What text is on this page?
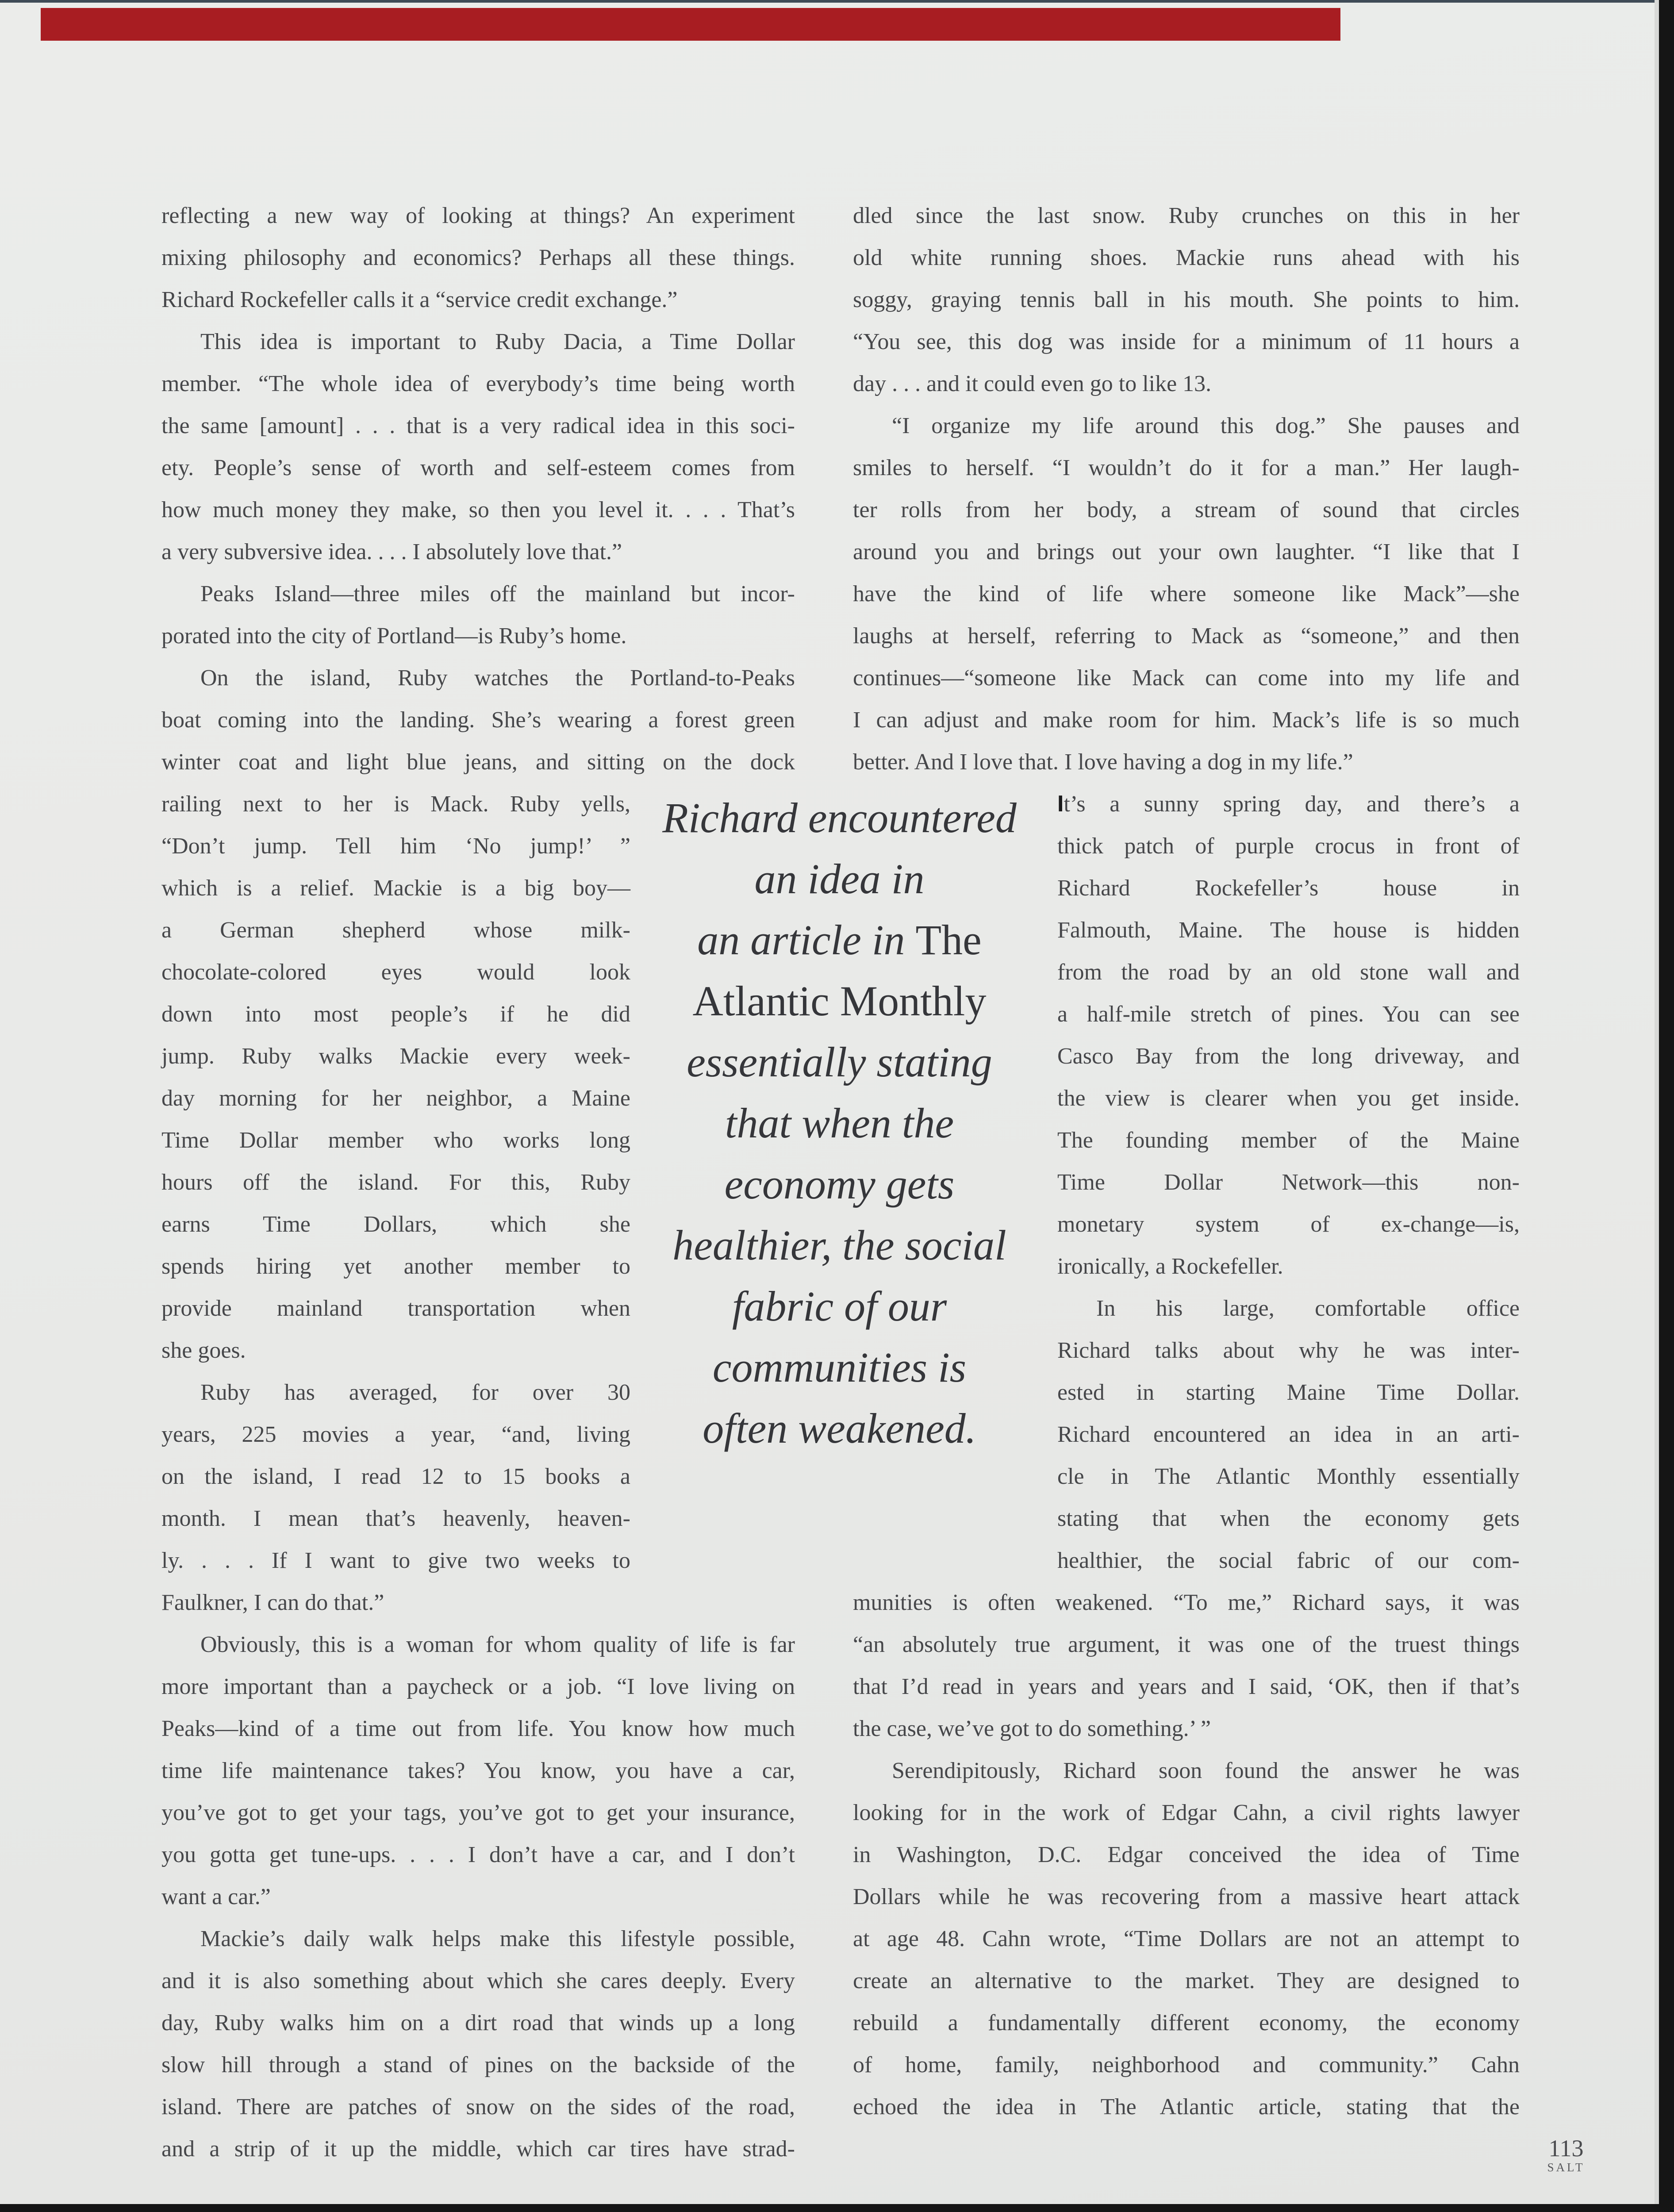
reflecting a new way of looking at things? An experiment
mixing philosophy and economics? Perhaps all these things.
Richard Rockefeller calls it a “service credit exchange.”
This idea is important to Ruby Dacia, a Time Dollar
member. “The whole idea of everybody’s time being worth
the same [amount] . . . that is a very radical idea in this soci-
ety. People’s sense of worth and self-esteem comes from
how much money they make, so then you level it. . . . That’s
a very subversive idea. . . . I absolutely love that.”
Peaks Island—three miles off the mainland but incor-
porated into the city of Portland—is Ruby’s home.
On the island, Ruby watches the Portland-to-Peaks
boat coming into the landing. She’s wearing a forest green
winter coat and light blue jeans, and sitting on the dock
railing next to her is Mack. Ruby yells,
“Don’t jump. Tell him ‘No jump!’ ”
which is a relief. Mackie is a big boy—
a German shepherd whose milk-
chocolate-colored eyes would look
down into most people’s if he did
jump. Ruby walks Mackie every week-
day morning for her neighbor, a Maine
Time Dollar member who works long
hours off the island. For this, Ruby
earns Time Dollars, which she
spends hiring yet another member to
provide mainland transportation when
she goes.
Ruby has averaged, for over 30
years, 225 movies a year, “and, living
on the island, I read 12 to 15 books a
month. I mean that’s heavenly, heaven-
ly. . . . If I want to give two weeks to
Faulkner, I can do that.”
Obviously, this is a woman for whom quality of life is far
more important than a paycheck or a job. “I love living on
Peaks—kind of a time out from life. You know how much
time life maintenance takes? You know, you have a car,
you’ve got to get your tags, you’ve got to get your insurance,
you gotta get tune-ups. . . . I don’t have a car, and I don’t
want a car.”
Mackie’s daily walk helps make this lifestyle possible,
and it is also something about which she cares deeply. Every
day, Ruby walks him on a dirt road that winds up a long
slow hill through a stand of pines on the backside of the
island. There are patches of snow on the sides of the road,
and a strip of it up the middle, which car tires have strad-
Richard encountered
an idea in
an article in The
Atlantic Monthly
essentially stating
that when the
economy gets
healthier, the social
fabric of our
communities is
often weakened.
dled since the last snow. Ruby crunches on this in her
old white running shoes. Mackie runs ahead with his
soggy, graying tennis ball in his mouth. She points to him.
“You see, this dog was inside for a minimum of 11 hours a
day . . . and it could even go to like 13.
“I organize my life around this dog.” She pauses and
smiles to herself. “I wouldn’t do it for a man.” Her laugh-
ter rolls from her body, a stream of sound that circles
around you and brings out your own laughter. “I like that I
have the kind of life where someone like Mack”—she
laughs at herself, referring to Mack as “someone,” and then
continues—“someone like Mack can come into my life and
I can adjust and make room for him. Mack’s life is so much
better. And I love that. I love having a dog in my life.”
It’s a sunny spring day, and there’s a
thick patch of purple crocus in front of
Richard Rockefeller’s house in
Falmouth, Maine. The house is hidden
from the road by an old stone wall and
a half-mile stretch of pines. You can see
Casco Bay from the long driveway, and
the view is clearer when you get inside.
The founding member of the Maine
Time Dollar Network—this non-
monetary system of ex-change—is,
ironically, a Rockefeller.
In his large, comfortable office
Richard talks about why he was inter-
ested in starting Maine Time Dollar.
Richard encountered an idea in an arti-
cle in The Atlantic Monthly essentially
stating that when the economy gets
healthier, the social fabric of our com-
munities is often weakened. “To me,” Richard says, it was
“an absolutely true argument, it was one of the truest things
that I’d read in years and years and I said, ‘OK, then if that’s
the case, we’ve got to do something.’ ”
Serendipitously, Richard soon found the answer he was
looking for in the work of Edgar Cahn, a civil rights lawyer
in Washington, D.C. Edgar conceived the idea of Time
Dollars while he was recovering from a massive heart attack
at age 48. Cahn wrote, “Time Dollars are not an attempt to
create an alternative to the market. They are designed to
rebuild a fundamentally different economy, the economy
of home, family, neighborhood and community.” Cahn
echoed the idea in The Atlantic article, stating that the
113
SALT
